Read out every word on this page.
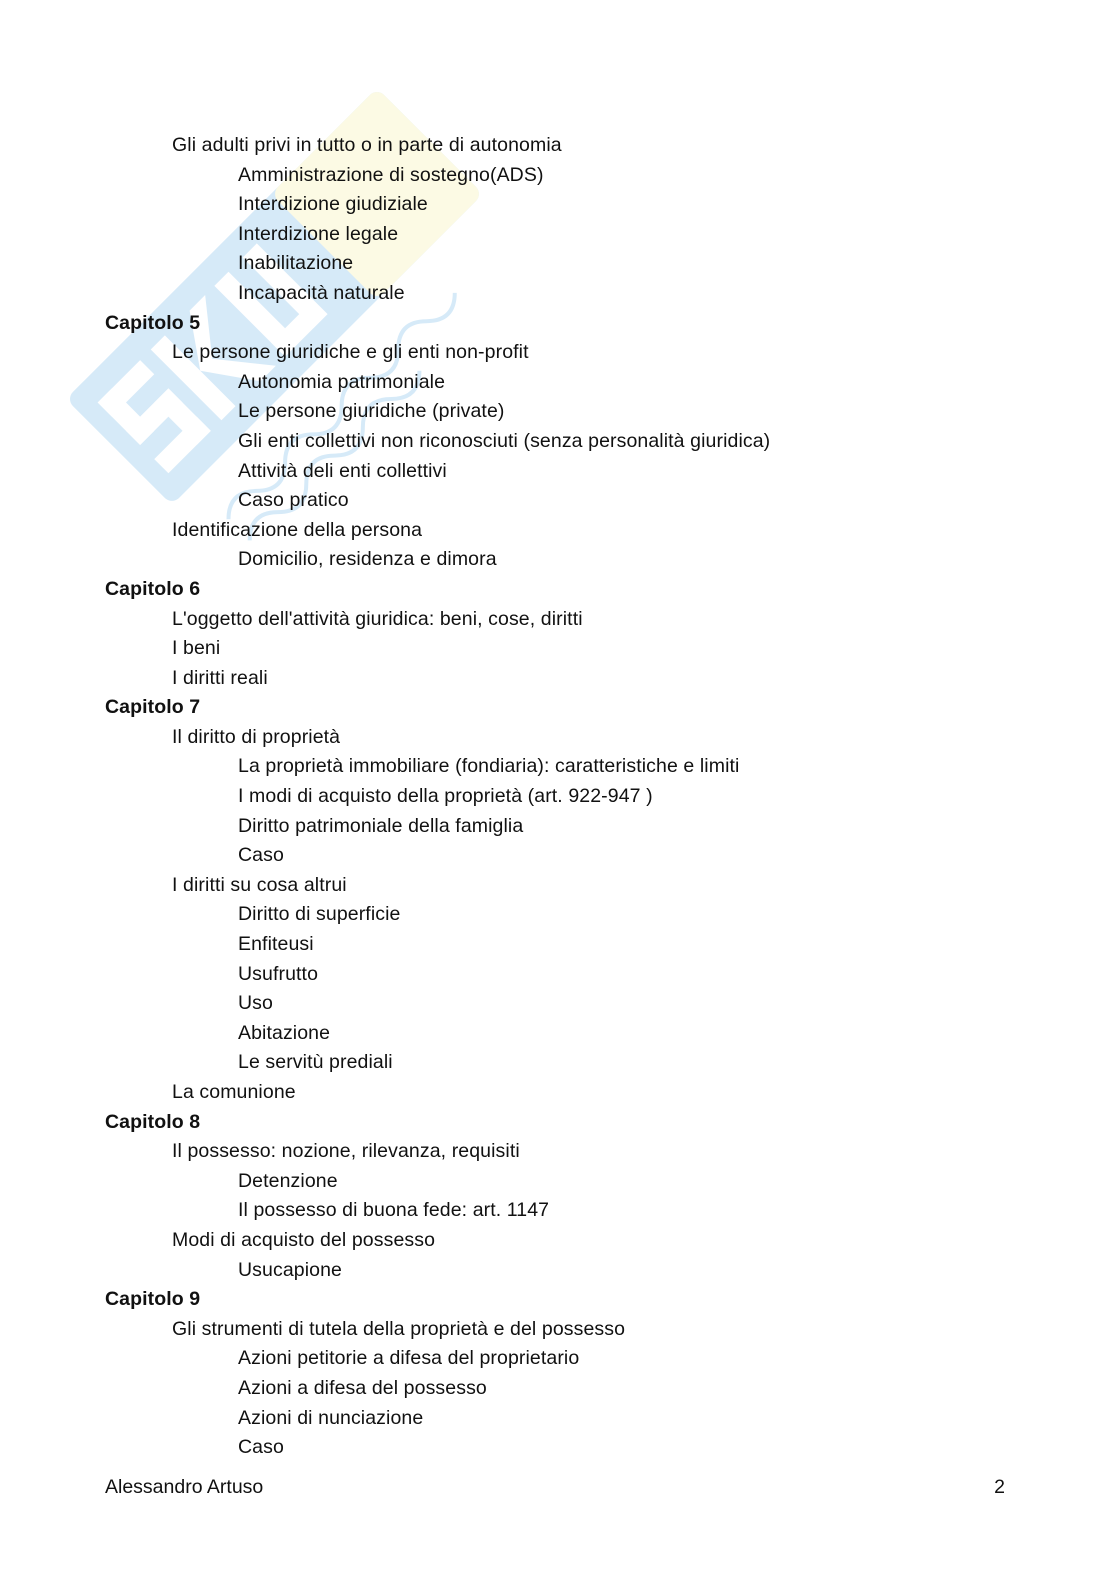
Gli adulti privi in tutto o in parte di autonomia
Amministrazione di sostegno(ADS)
Interdizione giudiziale
Interdizione legale
Inabilitazione
Incapacità naturale
Capitolo 5
Le persone giuridiche e gli enti non-profit
Autonomia patrimoniale
Le persone giuridiche (private)
Gli enti collettivi non riconosciuti (senza personalità giuridica)
Attività deli enti collettivi
Caso pratico
Identificazione della persona
Domicilio, residenza e dimora
Capitolo 6
L'oggetto dell'attività giuridica: beni, cose, diritti
I beni
I diritti reali
Capitolo 7
Il diritto di proprietà
La proprietà immobiliare (fondiaria): caratteristiche e limiti
I modi di acquisto della proprietà (art. 922-947 )
Diritto patrimoniale della famiglia
Caso
I diritti su cosa altrui
Diritto di superficie
Enfiteusi
Usufrutto
Uso
Abitazione
Le servitù prediali
La comunione
Capitolo 8
Il possesso: nozione, rilevanza, requisiti
Detenzione
Il possesso di buona fede: art. 1147
Modi di acquisto del possesso
Usucapione
Capitolo 9
Gli strumenti di tutela della proprietà e del possesso
Azioni petitorie a difesa del proprietario
Azioni a difesa del possesso
Azioni di nunciazione
Caso
Alessandro Artuso	2
